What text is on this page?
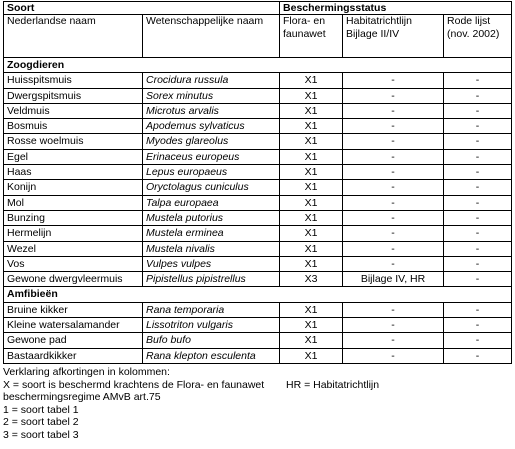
Soort		Beschermingsstatus		
Nederlandse naam	Wetenschappelijke naam	Flora- en faunawet	Habitatrichtlijn Bijlage II/IV	Rode lijst (nov. 2002)
Zoogdieren				
Huisspitsmuis	Crocidura russula	X1	-	-
Dwergspitsmuis	Sorex minutus	X1	-	-
Veldmuis	Microtus arvalis	X1	-	-
Bosmuis	Apodemus sylvaticus	X1	-	-
Rosse woelmuis	Myodes glareolus	X1	-	-
Egel	Erinaceus europeus	X1	-	-
Haas	Lepus europaeus	X1	-	-
Konijn	Oryctolagus cuniculus	X1	-	-
Mol	Talpa europaea	X1	-	-
Bunzing	Mustela putorius	X1	-	-
Hermelijn	Mustela erminea	X1	-	-
Wezel	Mustela nivalis	X1	-	-
Vos	Vulpes vulpes	X1	-	-
Gewone dwergvleermuis	Pipistellus pipistrellus	X3	Bijlage IV, HR	-
Amfibieën				
Bruine kikker	Rana temporaria	X1	-	-
Kleine watersalamander	Lissotriton vulgaris	X1	-	-
Gewone pad	Bufo bufo	X1	-	-
Bastaardkikker	Rana klepton esculenta	X1	-	-
Verklaring afkortingen in kolommen:
X = soort is beschermd krachtens de Flora- en faunawet HR = Habitatrichtlijn
beschermingsregime AMvB art.75
1 = soort tabel 1
2 = soort tabel 2
3 = soort tabel 3
